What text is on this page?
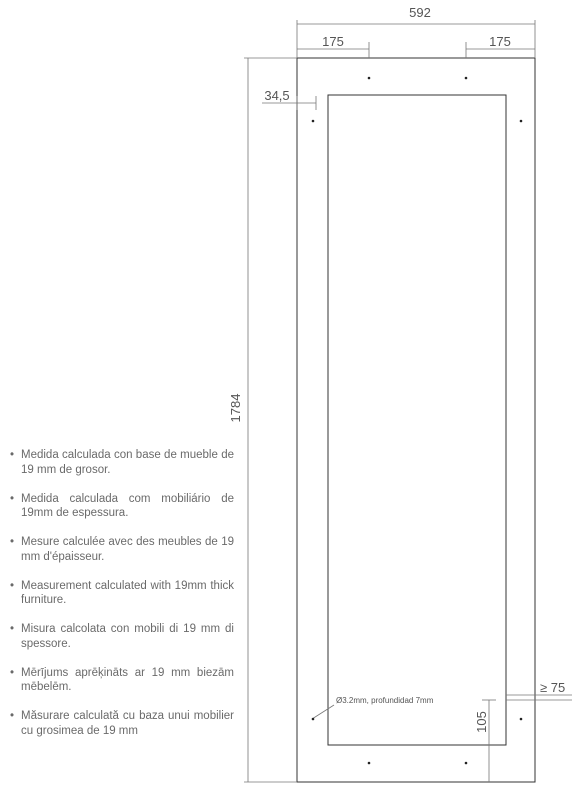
592
175	175
34,5
1784
≥ 75
105
Ø3.2mm, profundidad 7mm
• Medida calculada con base de mueble de 19 mm de grosor.
• Medida calculada com mobiliário de 19mm de espessura.
• Mesure calculée avec des meubles de 19 mm d'épaisseur.
• Measurement calculated with 19mm thick furniture.
• Misura calcolata con mobili di 19 mm di spessore.
• Mērījums aprēķināts ar 19 mm biezām mēbelēm.
• Măsurare calculată cu baza unui mobilier cu grosimea de 19 mm
